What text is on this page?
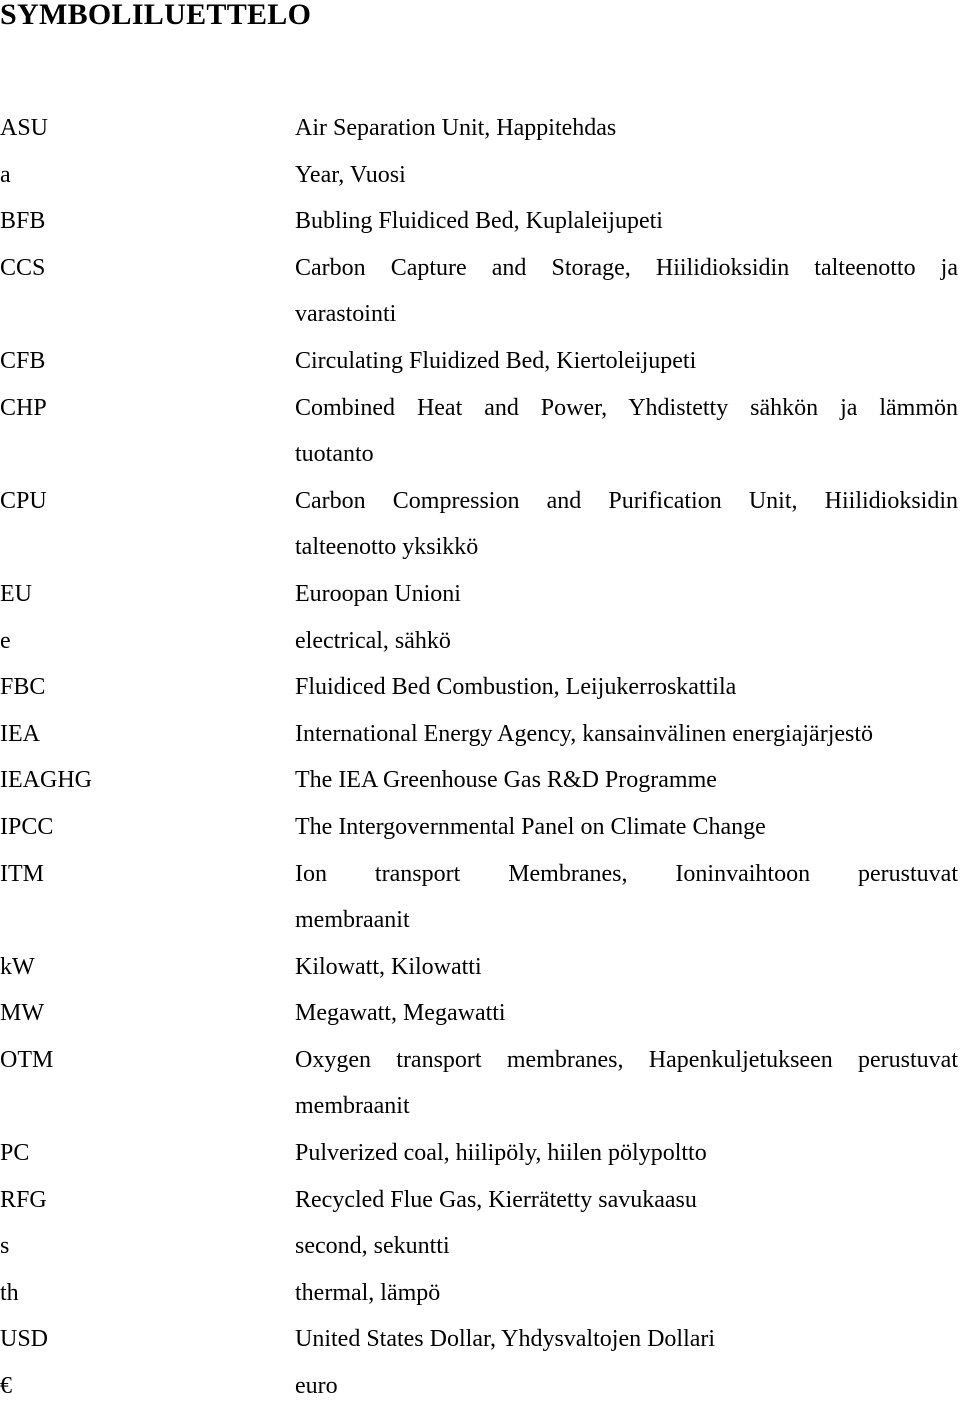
SYMBOLILUETTELO
ASU	Air Separation Unit, Happitehdas
a	Year, Vuosi
BFB	Bubling Fluidiced Bed, Kuplaleijupeti
CCS	Carbon Capture and Storage, Hiilidioksidin talteenotto ja
varastointi
CFB	Circulating Fluidized Bed, Kiertoleijupeti
CHP	Combined Heat and Power, Yhdistetty sähkön ja lämmön
tuotanto
CPU	Carbon Compression and Purification Unit, Hiilidioksidin
talteenotto yksikkö
EU	Euroopan Unioni
e	electrical, sähkö
FBC	Fluidiced Bed Combustion, Leijukerroskattila
IEA	International Energy Agency, kansainvälinen energiajärjestö
IEAGHG	The IEA Greenhouse Gas R&D Programme
IPCC	The Intergovernmental Panel on Climate Change
ITM	Ion transport Membranes, Ioninvaihtoon perustuvat
membraanit
kW	Kilowatt, Kilowatti
MW	Megawatt, Megawatti
OTM	Oxygen transport membranes, Hapenkuljetukseen perustuvat
membraanit
PC	Pulverized coal, hiilipöly, hiilen pölypoltto
RFG	Recycled Flue Gas, Kierrätetty savukaasu
s	second, sekuntti
th	thermal, lämpö
USD	United States Dollar, Yhdysvaltojen Dollari
€	euro
